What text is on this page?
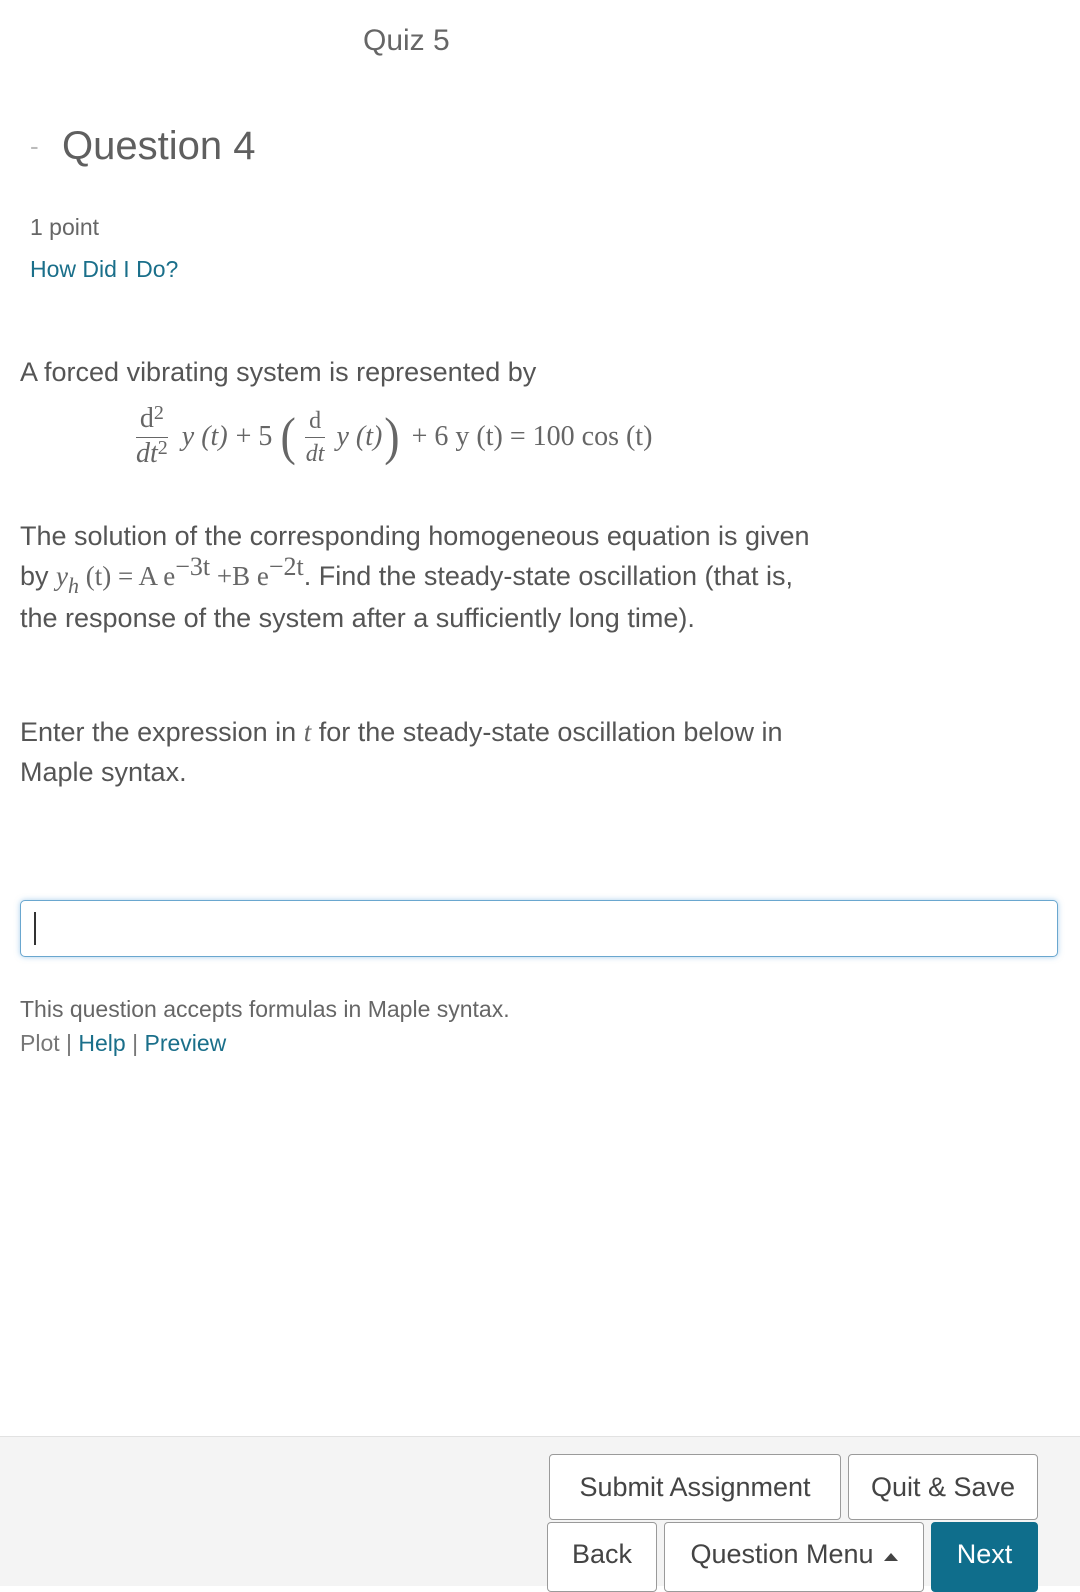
Quiz 5
- Question 4
1 point
How Did I Do?
A forced vibrating system is represented by
$\frac{d^2}{dt^2}$ y (t) + 5 ( $\frac{d}{dt}$ y (t) ) + 6 y (t) = 100 cos (t)

The solution of the corresponding homogeneous equation is given by $y_h$ (t) = A e−3t +B e−2t. Find the steady-state oscillation (that is, the response of the system after a sufficiently long time).

Enter the expression in t for the steady-state oscillation below in Maple syntax.
This question accepts formulas in Maple syntax.
Plot | Help | Preview
Submit Assignment	Quit & Save
Back	Question Menu	Next
